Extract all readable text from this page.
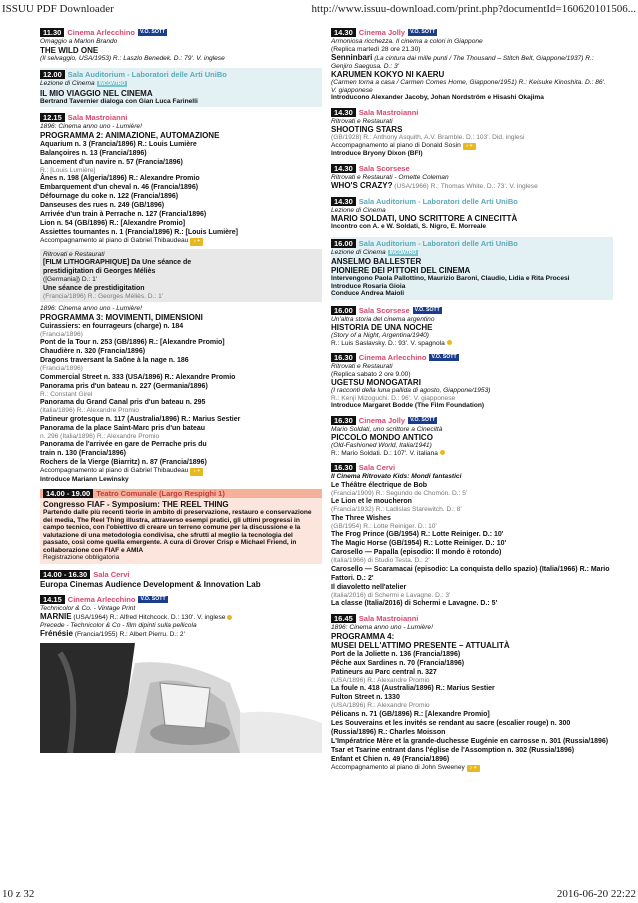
ISSUU PDF Downloader	http://www.issuu-download.com/print.php?documentId=160620101506...
11.30 Cinema Arlecchino V.O. SOTT
Omaggio a Marlon Brando
THE WILD ONE
(Il selvaggio, USA/1953) R.: Laszlo Benedek. D.: 79'. V. inglese
12.00 Sala Auditorium - Laboratori delle Arti UniBo
Lezione di Cinema INCONTRO
IL MIO VIAGGIO NEL CINEMA
Bertrand Tavernier dialoga con Gian Luca Farinelli
12.15 Sala Mastroianni
1896: Cinema anno uno - Lumière!
PROGRAMMA 2: ANIMAZIONE, AUTOMAZIONE
Aquarium n. 3 (Francia/1896) R.: Louis Lumière
Balançoires n. 13 (Francia/1896)
Lancement d'un navire n. 57 (Francia/1896)
R.: [Louis Lumière]
Ânes n. 198 (Algeria/1896) R.: Alexandre Promio
Embarquement d'un cheval n. 46 (Francia/1896)
Défournage du coke n. 122 (Francia/1896)
Danseuses des rues n. 249 (GB/1896)
Arrivée d'un train à Perrache n. 127 (Francia/1896)
Lion n. 54 (GB/1896) R.: [Alexandre Promio]
Assiettes tournantes n. 1 (Francia/1896) R.: [Louis Lumière]
Accompagnamento al piano di Gabriel Thibaudeau ♪ +
Ritrovati e Restaurati
[FILM LITHOGRAPHIQUE] Da Une séance de
prestidigitation di Georges Méliès
([Germania]) D.: 1'
Une séance de prestidigitation
(Francia/1896) R.: Georges Méliès. D.: 1'
1896: Cinema anno uno - Lumière!
PROGRAMMA 3: MOVIMENTI, DIMENSIONI
Cuirassiers: en fourrageurs (charge) n. 184
(Francia/1896)
Pont de la Tour n. 253 (GB/1896) R.: [Alexandre Promio]
Chaudière n. 320 (Francia/1896)
Dragons traversant la Saône à la nage n. 186
(Francia/1896)
Commercial Street n. 333 (USA/1896) R.: Alexandre Promio
Panorama pris d'un bateau n. 227 (Germania/1896)
R.: Constant Girel
Panorama du Grand Canal pris d'un bateau n. 295
(Italia/1896) R.: Alexandre Promio
Patineur grotesque n. 117 (Australia/1896) R.: Marius Sestier
Panorama de la place Saint-Marc pris d'un bateau
n. 296 (Italia/1896) R.: Alexandre Promio
Panorama de l'arrivée en gare de Perrache pris du
train n. 130 (Francia/1896)
Rochers de la Vierge (Biarritz) n. 87 (Francia/1896)
Accompagnamento al piano di Gabriel Thibaudeau ♪ +
Introduce Mariann Lewinsky
14.00 - 19.00 Teatro Comunale (Largo Respighi 1)
Congresso FIAF - Symposium: THE REEL THING
Partendo dalle più recenti teorie in ambito di preservazione, restauro e conservazione dei media, The Reel Thing illustra, attraverso esempi pratici, gli ultimi progressi in campo tecnico, con l'obiettivo di creare un terreno comune per la discussione e la valutazione di una metodologia condivisa, che sfrutti al meglio la tecnologia del passato, così come quella emergente. A cura di Grover Crisp e Michael Friend, in collaborazione con FIAF e AMIA
Registrazione obbligatoria
14.00 - 16.30 Sala Cervi
Europa Cinemas Audience Development & Innovation Lab
14.15 Cinema Arlecchino V.O. SOTT
Technicolor & Co. - Vintage Print
MARNIE (USA/1964) R.: Alfred Hitchcock. D.: 130'. V. inglese
Precede - Technicolor & Co - film dipinti sulla pellicola
Frénésie (Francia/1955) R.: Albert Pierru. D.: 2'
14.30 Cinema Jolly V.O. SOTT
Armoniosa ricchezza. Il cinema a colori in Giappone
(Replica martedì 28 ore 21.30)
Senninbari (La cintura dai mille punti / The Thousand – Stitch Belt, Giappone/1937) R.: Genjiro Saegusa. D.: 3'
KARUMEN KOKYO NI KAERU
(Carmen torna a casa / Carmen Comes Home, Giappone/1951) R.: Keisuke Kinoshita. D.: 86'. V. giapponese
Introducono Alexander Jacoby, Johan Nordström e Hisashi Okajima
14.30 Sala Mastroianni
Ritrovati e Restaurati
SHOOTING STARS
(GB/1928) R.: Anthony Asquith, A.V. Bramble. D.: 103'. Did. inglesi
Accompagnamento al piano di Donald Sosin ♪ +
Introduce Bryony Dixon (BFI)
14.30 Sala Scorsese
Ritrovati e Restaurati - Ornette Coleman
WHO'S CRAZY? (USA/1966) R.: Thomas White. D.: 73'. V. inglese
14.30 Sala Auditorium - Laboratori delle Arti UniBo
Lezione di Cinema
MARIO SOLDATI, UNO SCRITTORE A CINECITTÀ
Incontro con A. e W. Soldati, S. Nigro, E. Morreale
16.00 Sala Auditorium - Laboratori delle Arti UniBo
Lezione di Cinema INCONTRO
ANSELMO BALLESTER
PIONIERE DEI PITTORI DEL CINEMA
Intervengono Paola Pallottino, Maurizio Baroni, Claudio, Lidia e Rita Procesi
Introduce Rosaria Gioia
Conduce Andrea Maioli
16.00 Sala Scorsese V.O. SOTT
Un'altra storia del cinema argentino
HISTORIA DE UNA NOCHE
(Story of a Night, Argentina/1940)
R.: Luis Saslavsky. D.: 93'. V. spagnola
16.30 Cinema Arlecchino V.O. SOTT
Ritrovati e Restaurati
(Replica sabato 2 ore 9.00)
UGETSU MONOGATARI
(I racconti della luna pallida di agosto, Giappone/1953)
R.: Kenji Mizoguchi. D.: 96'. V. giapponese
Introduce Margaret Bodde (The Film Foundation)
16.30 Cinema Jolly V.O. SOTT
Mario Soldati, uno scrittore a Cinecittà
PICCOLO MONDO ANTICO
(Old-Fashioned World, Italia/1941)
R.: Mario Soldati. D.: 107'. V. italiana
16.30 Sala Cervi
Il Cinema Ritrovato Kids: Mondi fantastici
Le Théâtre électrique de Bob
(Francia/1909) R.: Segundo de Chomón. D.: 5'
Le Lion et le moucheron
(Francia/1932) R.: Ladislas Starewitch. D.: 8'
The Three Wishes
(GB/1954) R.: Lotte Reiniger. D.: 10'
The Frog Prince (GB/1954) R.: Lotte Reiniger. D.: 10'
The Magic Horse (GB/1954) R.: Lotte Reiniger. D.: 10'
Carosello — Papalla (episodio: Il mondo è rotondo)
(Italia/1966) di Studio Testa. D.: 2'
Carosello — Scaramacai (episodio: La conquista dello spazio) (Italia/1966) R.: Mario Fattori. D.: 2'
Il diavoletto nell'atelier
(Italia/2016) di Schermi e Lavagne. D.: 3'
La classe (Italia/2016) di Schermi e Lavagne. D.: 5'
16.45 Sala Mastroianni
1896: Cinema anno uno - Lumière!
PROGRAMMA 4:
MUSEI DELL'ATTIMO PRESENTE – ATTUALITÀ
Port de la Joliette n. 136 (Francia/1896)
Pêche aux Sardines n. 70 (Francia/1896)
Patineurs au Parc central n. 327
(USA/1896) R.: Alexandre Promio
La foule n. 418 (Australia/1896) R.: Marius Sestier
Fulton Street n. 1330
(USA/1896) R.: Alexandre Promio
Pélicans n. 71 (GB/1896) R.: [Alexandre Promio]
Les Souverains et les invités se rendant au sacre (escalier rouge) n. 300 (Russia/1896) R.: Charles Moisson
L'Impératrice Mère et la grande-duchesse Eugénie en carrosse n. 301 (Russia/1896)
Tsar et Tsarine entrant dans l'église de l'Assomption n. 302 (Russia/1896)
Enfant et Chien n. 49 (Francia/1896)
Accompagnamento al piano di John Sweeney ♪ +
10 z 32	2016-06-20 22:22
